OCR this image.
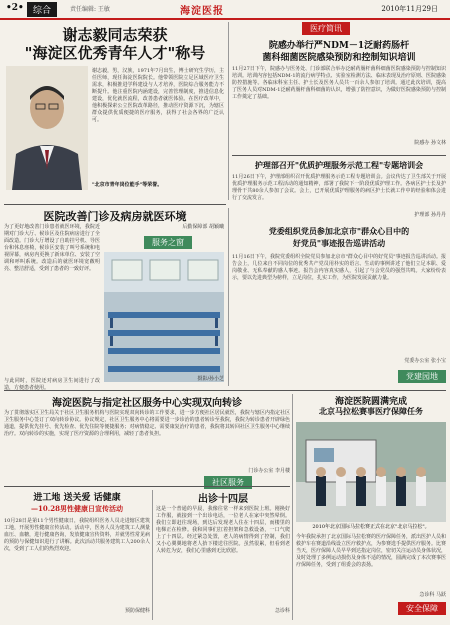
•2•	综合	责任编辑: 王敏	海淀医报	2010年11月29日
谢志毅同志荣获
"海淀区优秀青年人才"称号
谢志毅，男，汉族，1971年7月出生，博士研究生学历，主任医师，现任海淀医院院长。他带领医院立足区域医疗卫生需求，积极推进学科建设与人才培养，医院综合服务能力不断提升。他注重医院内涵建设，完善管理制度，推进信息化建设，优化就医流程，改善患者就医体验。在医疗改革中，他积极探索公立医院改革路径，推动医疗资源下沉，为辖区群众提供优质便捷的医疗服务，获得了社会各界的广泛认可。
"北京市青年岗位能手"等荣誉。
医疗简讯
院感办举行严NDM－1泛耐药肠杆
菌科细菌医院感染预防和控制知识培训
11月27日下午，院感办与医务处、门诊部联合举办泛耐药肠杆菌科细菌医院感染预防与控制知识培训。培训内容包括NDM-1的流行病学特点、实验室检测方法、临床表现及治疗原则、医院感染防控措施等。各临床科室主任、护士长及医务人员共一百余人参加了培训。通过此次培训，提高了医务人员对NDM-1泛耐药肠杆菌科细菌的认识，增强了防控意识，为做好医院感染预防与控制工作奠定了基础。
院感办 孙文林
护理部召开"优质护理服务示范工程"专题培训会
11月26日下午，护理部组织召开优质护理服务示范工程专题培训会。会议传达了卫生部关于开展优质护理服务示范工程活动的通知精神，部署了我院下一阶段优质护理工作。各病区护士长及护理骨干共80余人参加了会议。会上，已开展优质护理服务的病区护士长就工作中的经验和体会进行了交流发言。
护理部 孙丹丹
医院改善门诊及病房就医环境
为了更好地改善门诊患者就医环境，我院近期对门诊大厅、候诊区及住院病房进行了全面改造。门诊大厅增设了自助挂号机、导医台和休息座椅，候诊区安装了叫号系统和电视屏幕，病房内更换了新床单位、安装了空调和呼叫系统。改造后的就医环境宽敞明亮、整洁舒适，受到了患者的一致好评。
与此同时，医院还对病房卫生间进行了改造，方便患者使用。
后勤保障部 胡颖曦
服务之窗
摄影/孙小芝
党委组织党员参加北京市"群众心目中的
好党员"事迹报告巡讲活动
11月16日下午，我院党委组织全院党员参加北京市"群众心目中的好党员"事迹报告巡讲活动。报告会上，几位来自不同岗位的优秀共产党员用朴实的语言、生动的事例讲述了他们立足本职、爱岗敬业、无私奉献的感人事迹。报告会内容真实感人，引起了与会党员的强烈共鸣。大家纷纷表示，要以先进典型为榜样，立足岗位，扎实工作，为医院发展贡献力量。
党委办公室 张小宝
党建园地
海淀医院与指定社区服务中心实现双向转诊
为了贯彻落实区卫生局关于社区卫生服务机构与医院实现双向转诊的工作要求，进一步方便社区居民就医，我院与辖区内指定社区卫生服务中心签订了双向转诊协议。协议规定，社区卫生服务中心将需要进一步诊治的患者转诊至我院，我院为转诊患者开辟绿色通道，提供优先挂号、优先检查、优先住院等便捷服务；对病情稳定、需要康复治疗的患者，我院将其转回社区卫生服务中心继续治疗。双向转诊的实施，实现了医疗资源的合理利用，减轻了患者负担。
门诊办公室 李月楼
社区服务
海淀医院圆满完成
北京马拉松赛事医疗保障任务
2010年北京国际马拉松赛正式在北京"北京马拉松"。
今年我院承担了北京国际马拉松赛的医疗保障任务，派出医护人员和救护车在赛道沿线设立医疗救护点，为参赛选手提供医疗服务。比赛当天，医疗保障人员早早到达指定岗位，密切关注运动员身体状况，及时处理了多例运动损伤及身体不适的情况，圆满完成了本次赛事医疗保障任务，受到了组委会的表扬。
急诊科 马跃
安全保障
进工地 送关爱 话健康
—10.28男性健康日宣传活动
10月28日是第11个男性健康日，我院组织医务人员走进辖区建筑工地，开展男性健康宣传活动。活动中，医务人员为建筑工人测量血压、血糖，进行健康咨询，发放健康宣传资料，并就男性常见病的预防与保健知识进行了讲解。此次活动共服务建筑工人200余人次，受到了工人们的热烈欢迎。
预防保健科
出诊十四层
这是一个普通的早晨，我像往常一样来到医院上班。刚换好工作服，就接到一个出诊电话，一位老人在家中突然晕倒。我们立即赶往现场，到达后发现老人住在十四层，而楼里的电梯正在检修。我和同事们扛着担架和急救设备，一口气爬上了十四层。经过紧急处置，老人的病情得到了控制，我们又小心翼翼地将老人抬下楼送往医院。虽然很累，但看到老人转危为安，我们心里感到无比欣慰。
急诊科
